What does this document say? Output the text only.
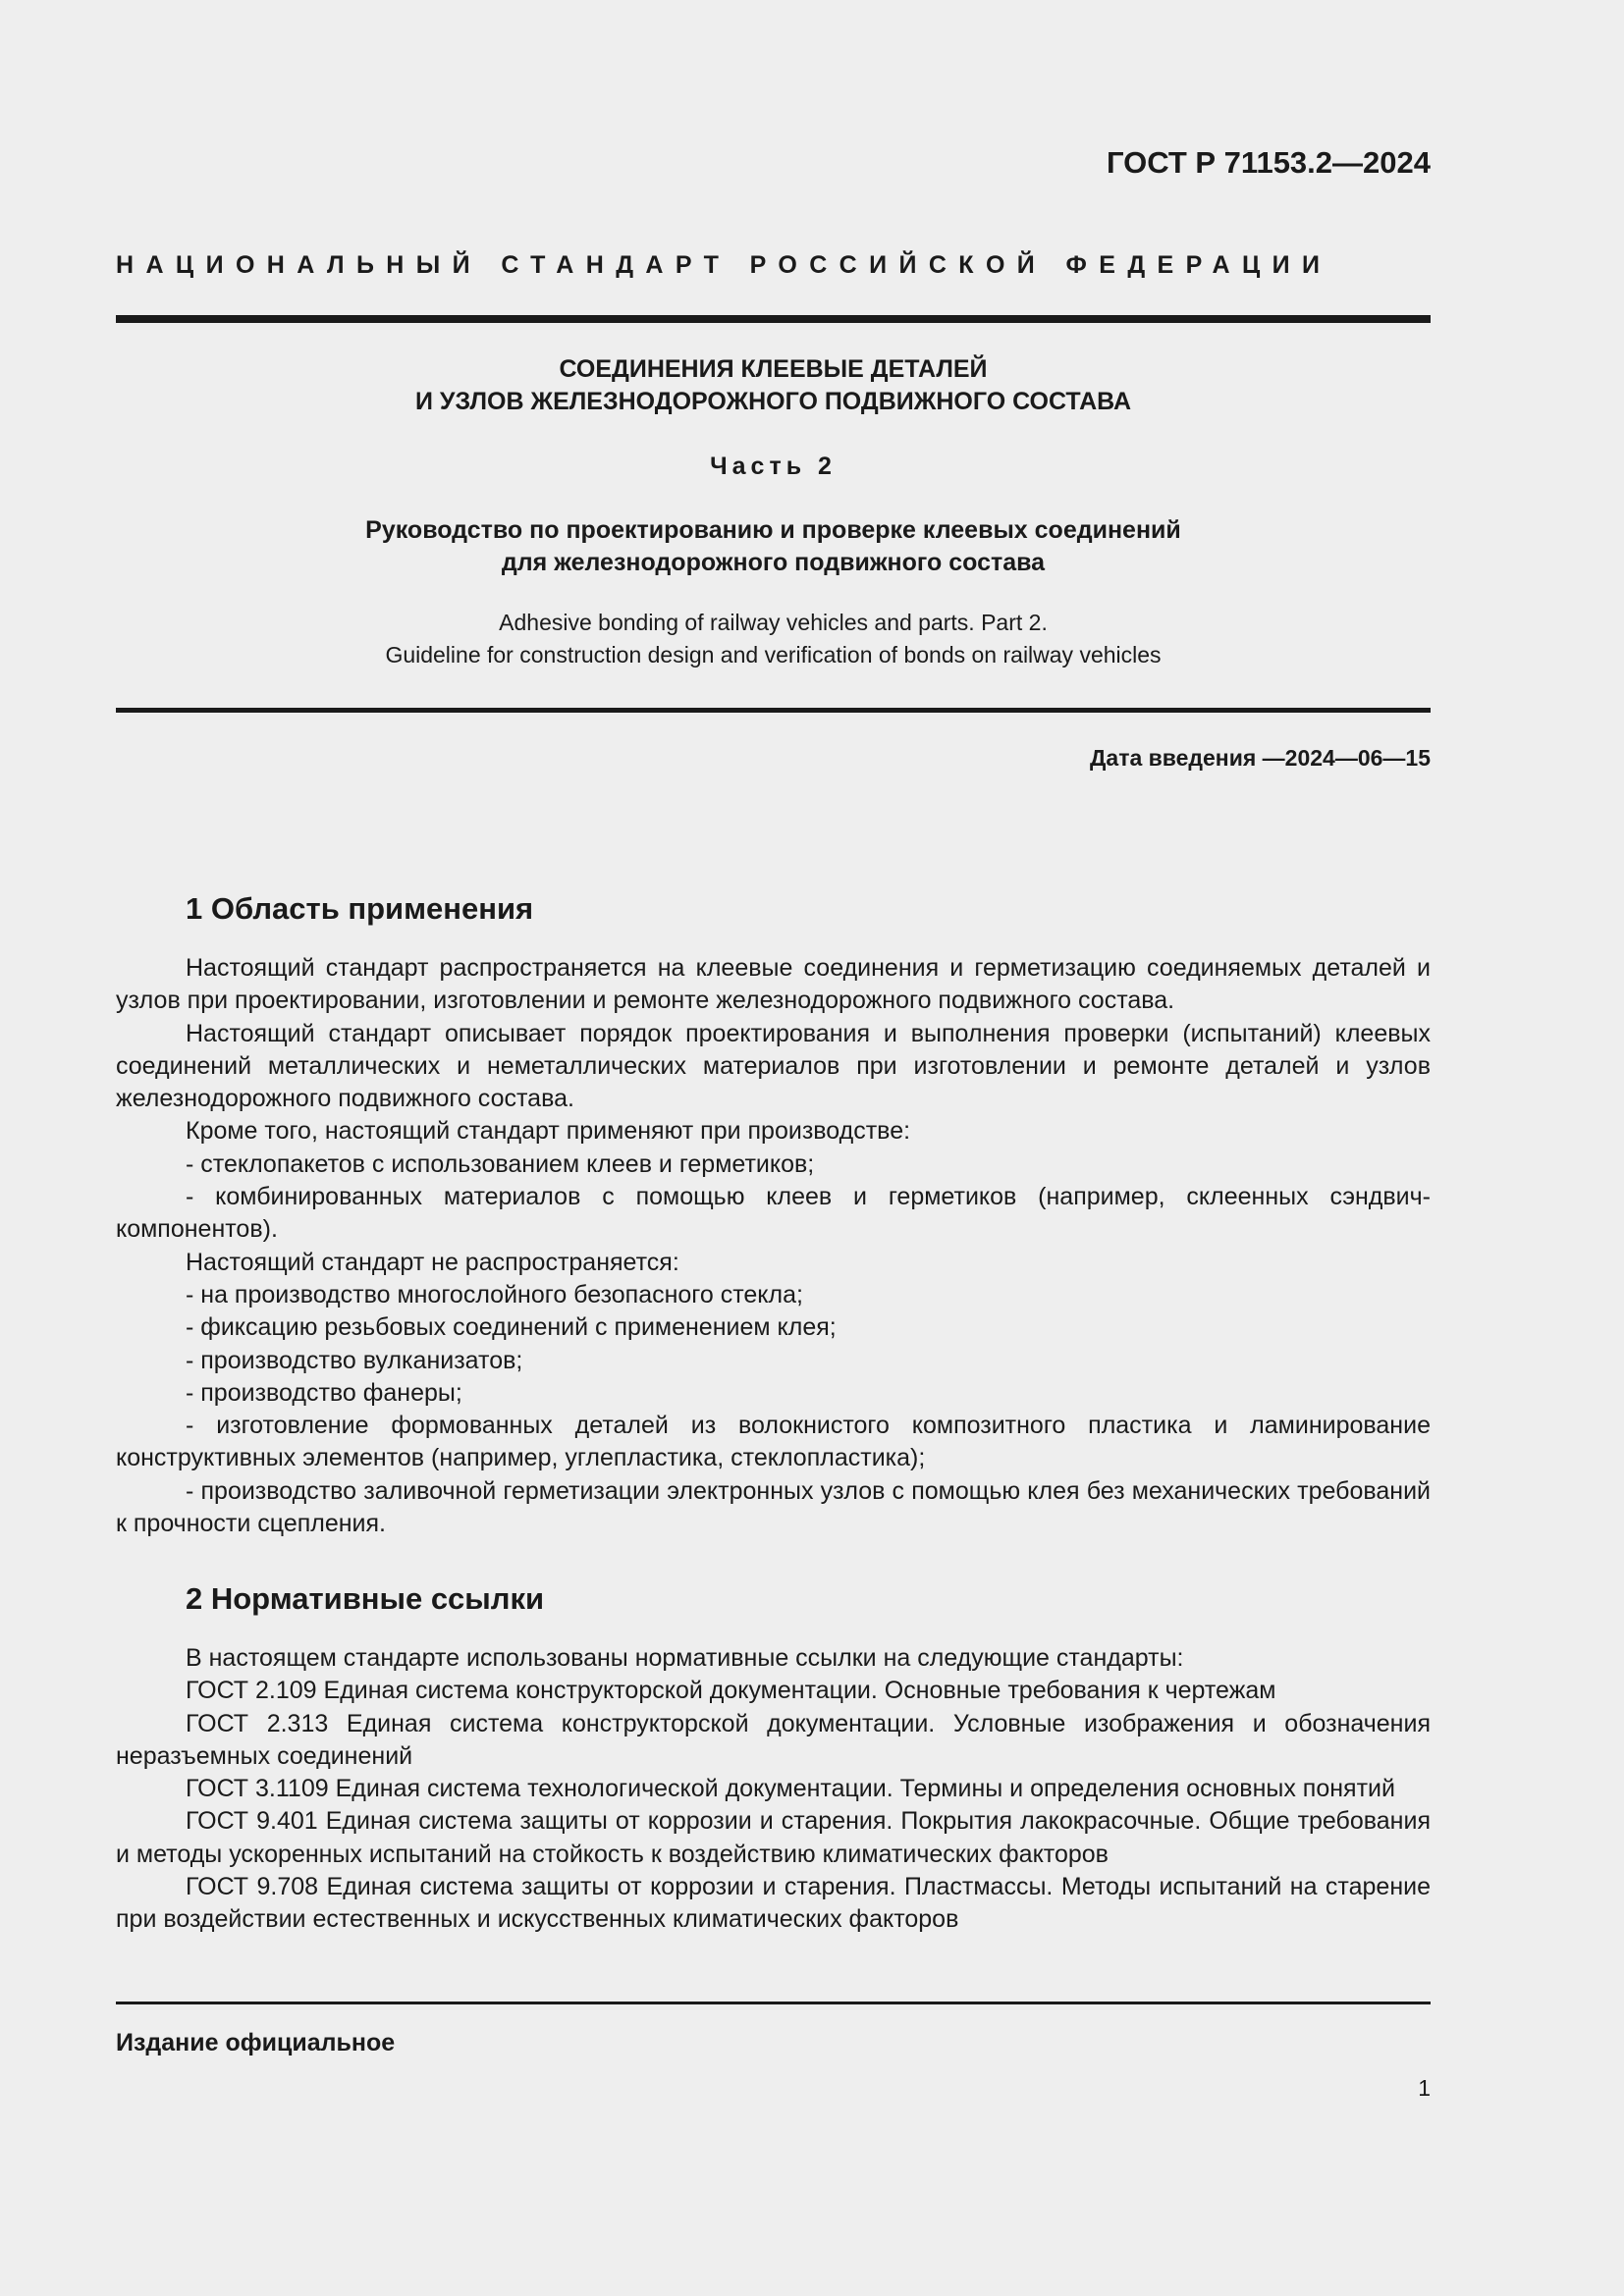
ГОСТ Р 71153.2—2024
НАЦИОНАЛЬНЫЙ СТАНДАРТ РОССИЙСКОЙ ФЕДЕРАЦИИ
СОЕДИНЕНИЯ КЛЕЕВЫЕ ДЕТАЛЕЙ
И УЗЛОВ ЖЕЛЕЗНОДОРОЖНОГО ПОДВИЖНОГО СОСТАВА
Часть 2
Руководство по проектированию и проверке клеевых соединений
для железнодорожного подвижного состава
Adhesive bonding of railway vehicles and parts. Part 2.
Guideline for construction design and verification of bonds on railway vehicles
Дата введения —2024—06—15
1 Область применения

Настоящий стандарт распространяется на клеевые соединения и герметизацию соединяемых деталей и узлов при проектировании, изготовлении и ремонте железнодорожного подвижного состава.

Настоящий стандарт описывает порядок проектирования и выполнения проверки (испытаний) клеевых соединений металлических и неметаллических материалов при изготовлении и ремонте деталей и узлов железнодорожного подвижного состава.

Кроме того, настоящий стандарт применяют при производстве:

- стеклопакетов с использованием клеев и герметиков;

- комбинированных материалов с помощью клеев и герметиков (например, склеенных сэндвич-компонентов).

Настоящий стандарт не распространяется:

- на производство многослойного безопасного стекла;

- фиксацию резьбовых соединений с применением клея;

- производство вулканизатов;

- производство фанеры;

- изготовление формованных деталей из волокнистого композитного пластика и ламинирование конструктивных элементов (например, углепластика, стеклопластика);

- производство заливочной герметизации электронных узлов с помощью клея без механических требований к прочности сцепления.

2 Нормативные ссылки

В настоящем стандарте использованы нормативные ссылки на следующие стандарты:

ГОСТ 2.109 Единая система конструкторской документации. Основные требования к чертежам

ГОСТ 2.313 Единая система конструкторской документации. Условные изображения и обозначения неразъемных соединений

ГОСТ 3.1109 Единая система технологической документации. Термины и определения основных понятий

ГОСТ 9.401 Единая система защиты от коррозии и старения. Покрытия лакокрасочные. Общие требования и методы ускоренных испытаний на стойкость к воздействию климатических факторов

ГОСТ 9.708 Единая система защиты от коррозии и старения. Пластмассы. Методы испытаний на старение при воздействии естественных и искусственных климатических факторов

Издание официальное
1
